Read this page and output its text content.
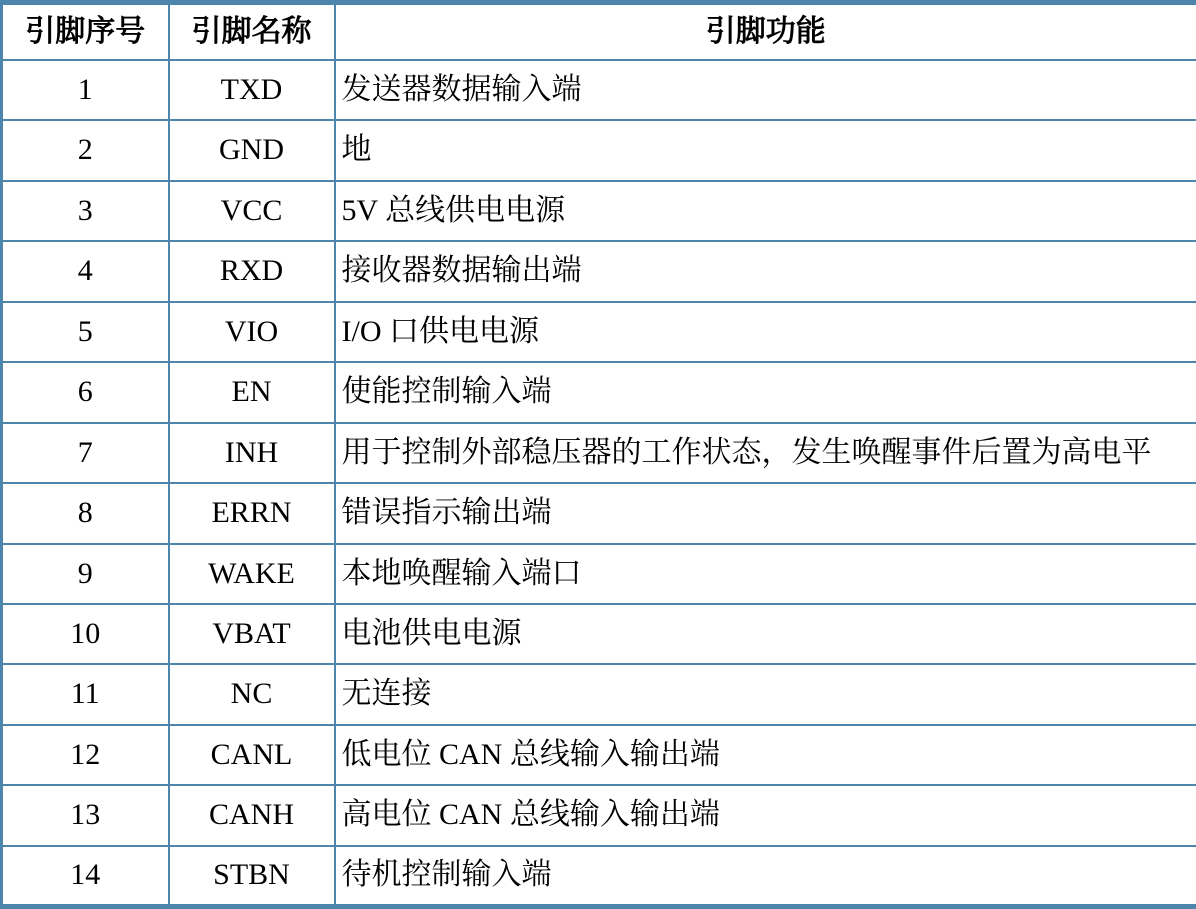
引脚序号	引脚名称	引脚功能
1	TXD	发送器数据输入端
2	GND	地
3	VCC	5V 总线供电电源
4	RXD	接收器数据输出端
5	VIO	I/O 口供电电源
6	EN	使能控制输入端
7	INH	用于控制外部稳压器的工作状态，发生唤醒事件后置为高电平
8	ERRN	错误指示输出端
9	WAKE	本地唤醒输入端口
10	VBAT	电池供电电源
11	NC	无连接
12	CANL	低电位 CAN 总线输入输出端
13	CANH	高电位 CAN 总线输入输出端
14	STBN	待机控制输入端
